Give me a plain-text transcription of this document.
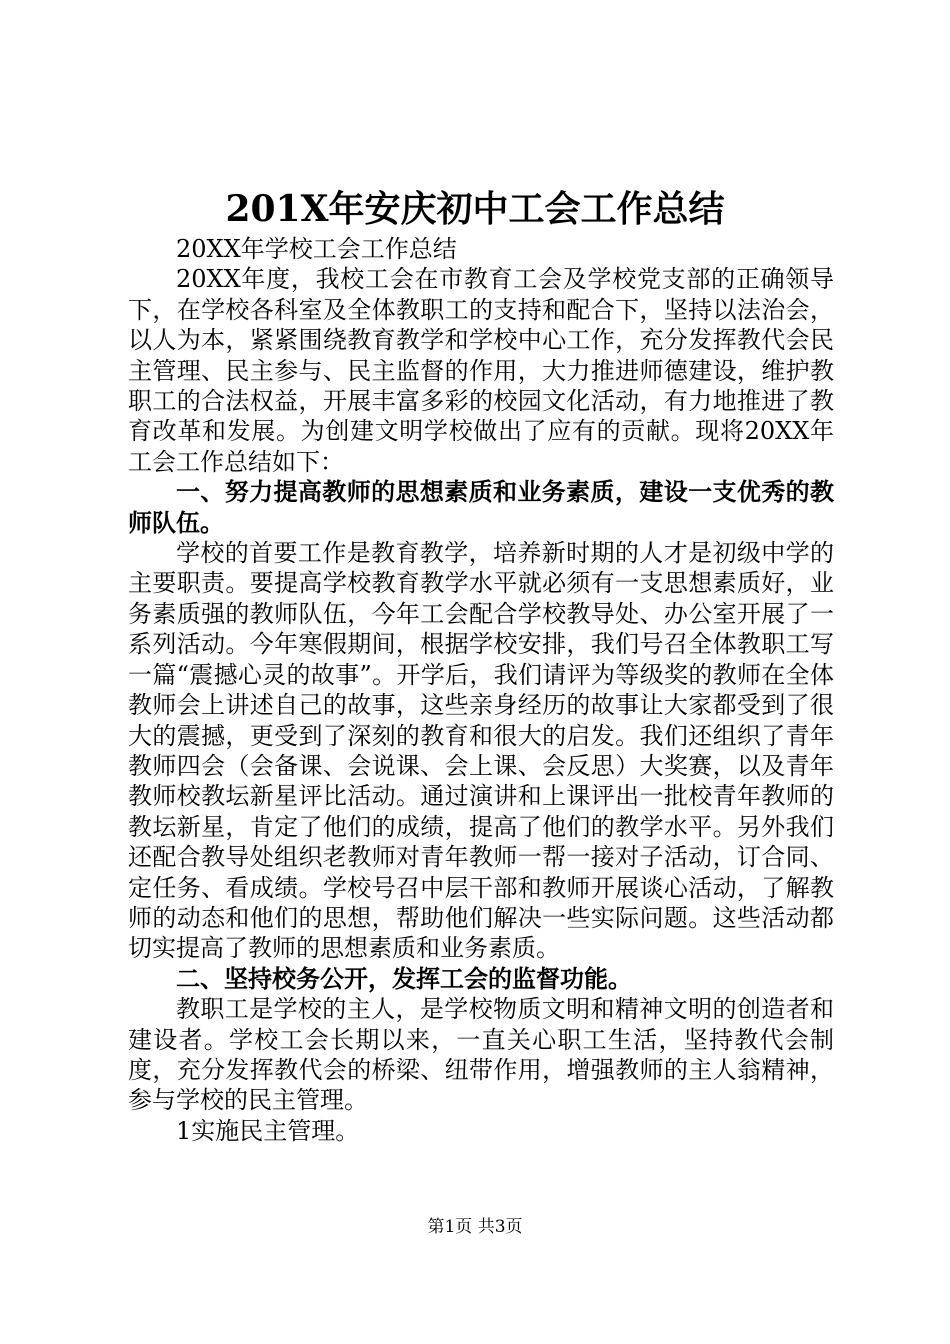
201X年安庆初中工会工作总结

20XX年学校工会工作总结

20XX年度，我校工会在市教育工会及学校党支部的正确领导下，在学校各科室及全体教职工的支持和配合下，坚持以法治会，以人为本，紧紧围绕教育教学和学校中心工作，充分发挥教代会民主管理、民主参与、民主监督的作用，大力推进师德建设，维护教职工的合法权益，开展丰富多彩的校园文化活动，有力地推进了教育改革和发展。为创建文明学校做出了应有的贡献。现将20XX年工会工作总结如下：

一、努力提高教师的思想素质和业务素质，建设一支优秀的教师队伍。

学校的首要工作是教育教学，培养新时期的人才是初级中学的主要职责。要提高学校教育教学水平就必须有一支思想素质好，业务素质强的教师队伍，今年工会配合学校教导处、办公室开展了一系列活动。今年寒假期间，根据学校安排，我们号召全体教职工写一篇“震撼心灵的故事”。开学后，我们请评为等级奖的教师在全体教师会上讲述自己的故事，这些亲身经历的故事让大家都受到了很大的震撼，更受到了深刻的教育和很大的启发。我们还组织了青年教师四会（会备课、会说课、会上课、会反思）大奖赛，以及青年教师校教坛新星评比活动。通过演讲和上课评出一批校青年教师的教坛新星，肯定了他们的成绩，提高了他们的教学水平。另外我们还配合教导处组织老教师对青年教师一帮一接对子活动，订合同、定任务、看成绩。学校号召中层干部和教师开展谈心活动，了解教师的动态和他们的思想，帮助他们解决一些实际问题。这些活动都切实提高了教师的思想素质和业务素质。

二、坚持校务公开，发挥工会的监督功能。

教职工是学校的主人，是学校物质文明和精神文明的创造者和建设者。学校工会长期以来，一直关心职工生活，坚持教代会制度，充分发挥教代会的桥梁、纽带作用，增强教师的主人翁精神，参与学校的民主管理。

1实施民主管理。

第1页 共3页
